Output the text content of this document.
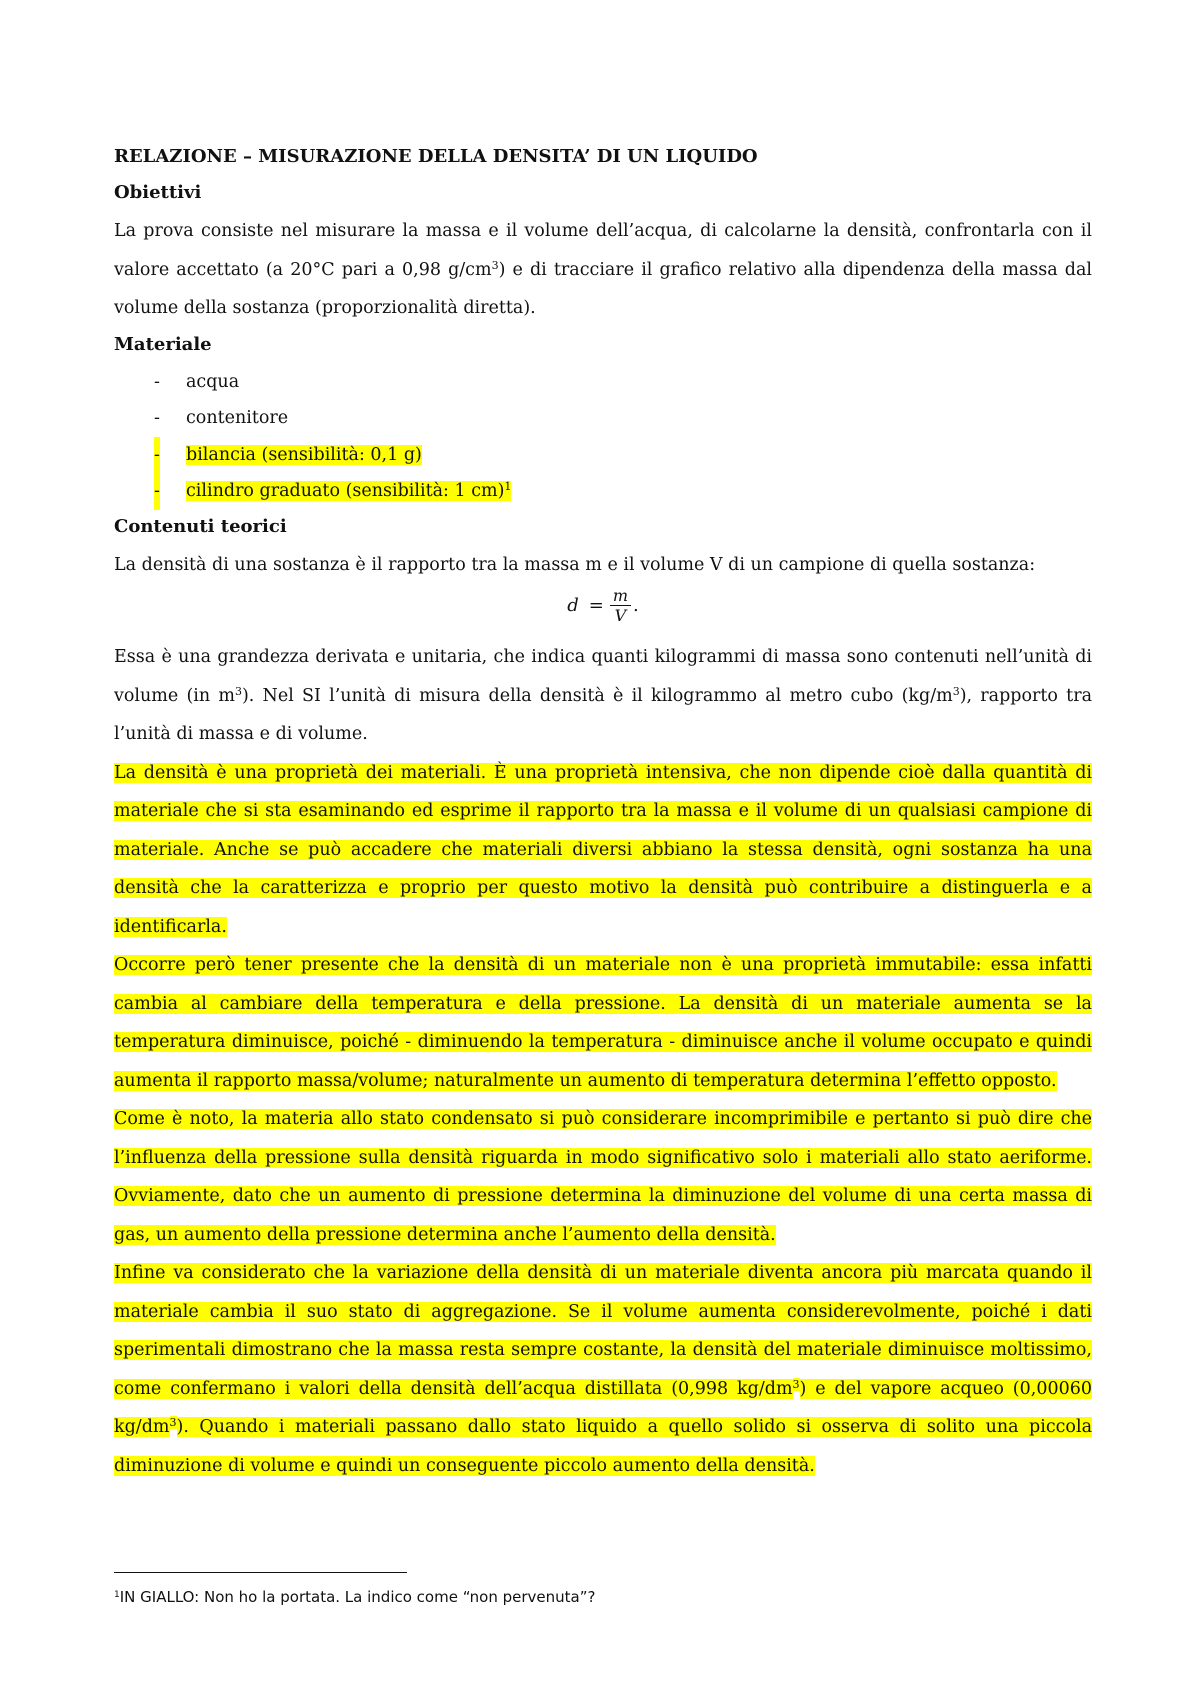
RELAZIONE – MISURAZIONE DELLA DENSITA’ DI UN LIQUIDO
Obiettivi

La prova consiste nel misurare la massa e il volume dell’acqua, di calcolarne la densità, confrontarla con il valore accettato (a 20°C pari a 0,98 $g/cm^3$) e di tracciare il grafico relativo alla dipendenza della massa dal volume della sostanza (proporzionalità diretta).

Materiale
- acqua
- contenitore
- bilancia (sensibilità: 0,1 g)
- cilindro graduato (sensibilità: 1 cm)$^1$
Contenuti teorici

La densità di una sostanza è il rapporto tra la massa m e il volume V di un campione di quella sostanza:

$d = \frac{m}{V}$ .

Essa è una grandezza derivata e unitaria, che indica quanti kilogrammi di massa sono contenuti nell’unità di volume (in $m^3$). Nel SI l’unità di misura della densità è il kilogrammo al metro cubo $(kg/m^3)$, rapporto tra l’unità di massa e di volume.

La densità è una proprietà dei materiali. È una proprietà intensiva, che non dipende cioè dalla quantità di materiale che si sta esaminando ed esprime il rapporto tra la massa e il volume di un qualsiasi campione di materiale. Anche se può accadere che materiali diversi abbiano la stessa densità, ogni sostanza ha una densità che la caratterizza e proprio per questo motivo la densità può contribuire a distinguerla e a identificarla.

Occorre però tener presente che la densità di un materiale non è una proprietà immutabile: essa infatti cambia al cambiare della temperatura e della pressione. La densità di un materiale aumenta se la temperatura diminuisce, poiché - diminuendo la temperatura - diminuisce anche il volume occupato e quindi aumenta il rapporto massa/volume; naturalmente un aumento di temperatura determina l’effetto opposto.

Come è noto, la materia allo stato condensato si può considerare incomprimibile e pertanto si può dire che l’influenza della pressione sulla densità riguarda in modo significativo solo i materiali allo stato aeriforme. Ovviamente, dato che un aumento di pressione determina la diminuzione del volume di una certa massa di gas, un aumento della pressione determina anche l’aumento della densità.

Infine va considerato che la variazione della densità di un materiale diventa ancora più marcata quando il materiale cambia il suo stato di aggregazione. Se il volume aumenta considerevolmente, poiché i dati sperimentali dimostrano che la massa resta sempre costante, la densità del materiale diminuisce moltissimo, come confermano i valori della densità dell’acqua distillata (0,998 $kg/dm^3$) e del vapore acqueo (0,00060 $kg/dm^3$). Quando i materiali passano dallo stato liquido a quello solido si osserva di solito una piccola diminuzione di volume e quindi un conseguente piccolo aumento della densità.

$^1$IN GIALLO: Non ho la portata. La indico come “non pervenuta”?
